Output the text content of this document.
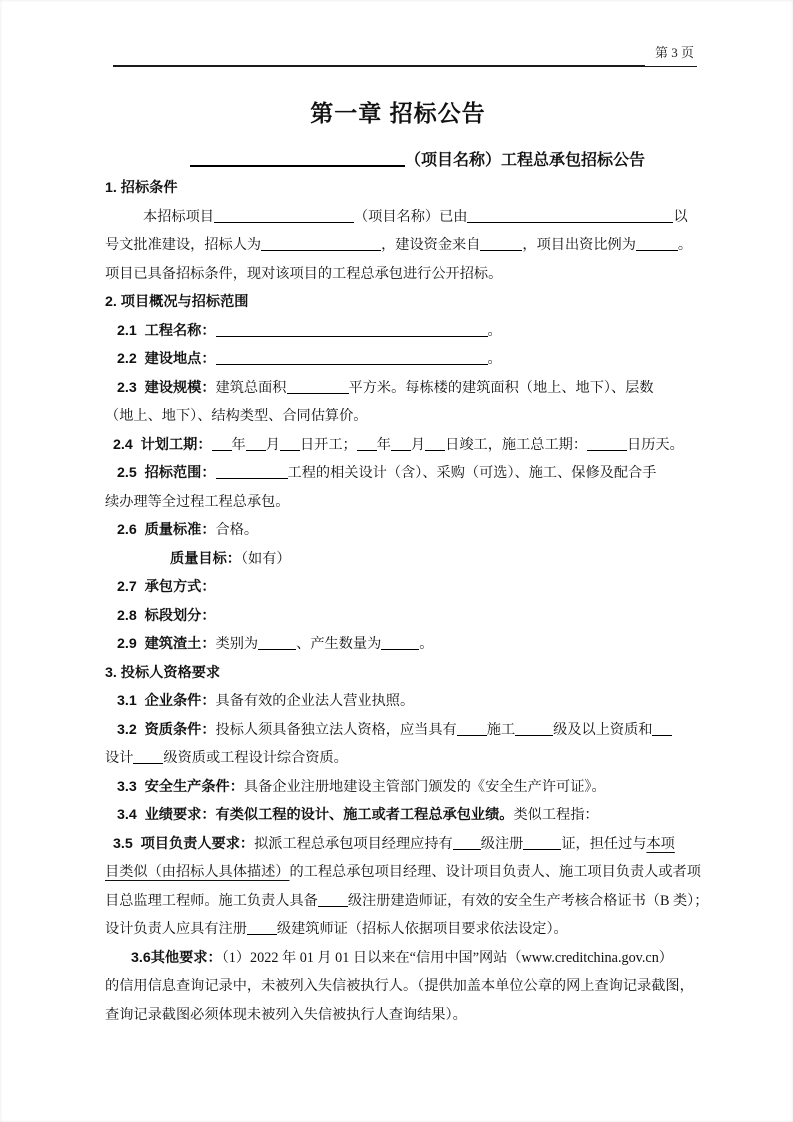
第 3 页
第一章 招标公告
（项目名称）工程总承包招标公告
1. 招标条件
本招标项目	（项目名称）已由	以
号文批准建设，招标人为	，建设资金来自	，项目出资比例为	。
项目已具备招标条件，现对该项目的工程总承包进行公开招标。
2. 项目概况与招标范围
2.1  工程名称：	。
2.2  建设地点：	。
2.3  建设规模：建筑总面积	平方米。每栋楼的建筑面积（地上、地下）、层数
（地上、地下）、结构类型、合同估算价。
2.4  计划工期： 年 月 日开工； 年 月 日竣工，施工总工期：	日历天。
2.5  招标范围：	工程的相关设计（含）、采购（可选）、施工、保修及配合手
续办理等全过程工程总承包。
2.6  质量标准：合格。
质量目标：（如有）
2.7  承包方式：
2.8  标段划分：
2.9  建筑渣土：类别为	、产生数量为	。
3. 投标人资格要求
3.1  企业条件：具备有效的企业法人营业执照。
3.2  资质条件：投标人须具备独立法人资格，应当具有 施工	级及以上资质和
设计 级资质或工程设计综合资质。
3.3  安全生产条件：具备企业注册地建设主管部门颁发的《安全生产许可证》。
3.4  业绩要求：有类似工程的设计、施工或者工程总承包业绩。类似工程指：
3.5  项目负责人要求：拟派工程总承包项目经理应持有 级注册	证，担任过与本项
目类似（由招标人具体描述）的工程总承包项目经理、设计项目负责人、施工项目负责人或者项
目总监理工程师。施工负责人具备 级注册建造师证，有效的安全生产考核合格证书（B 类）；
设计负责人应具有注册 级建筑师证（招标人依据项目要求依法设定）。
3.6其他要求：（1）2022 年 01 月 01 日以来在“信用中国”网站（www.creditchina.gov.cn）
的信用信息查询记录中，未被列入失信被执行人。（提供加盖本单位公章的网上查询记录截图，
查询记录截图必须体现未被列入失信被执行人查询结果）。
